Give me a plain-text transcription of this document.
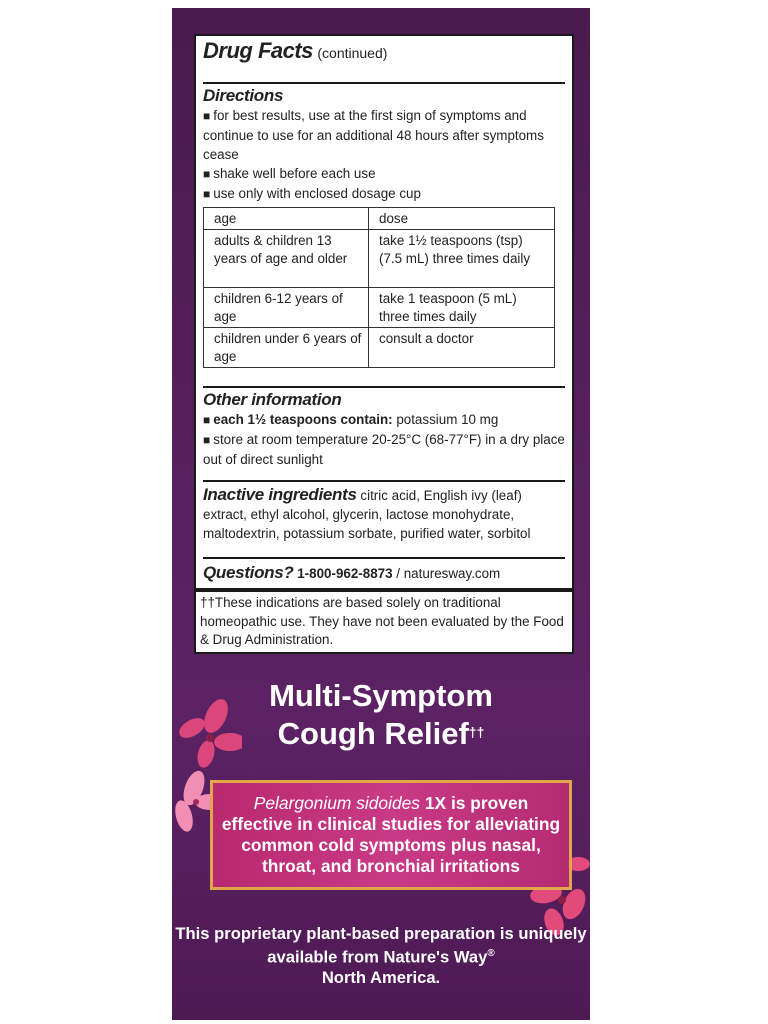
Drug Facts (continued)
Directions
■ for best results, use at the first sign of symptoms and continue to use for an additional 48 hours after symptoms cease
■ shake well before each use
■ use only with enclosed dosage cup
age	dose
adults & children 13 years of age and older	take 1½ teaspoons (tsp) (7.5 mL) three times daily
children 6-12 years of age	take 1 teaspoon (5 mL) three times daily
children under 6 years of age	consult a doctor
Other information
■ each 1½ teaspoons contain: potassium 10 mg
■ store at room temperature 20-25°C (68-77°F) in a dry place out of direct sunlight
Inactive ingredients citric acid, English ivy (leaf) extract, ethyl alcohol, glycerin, lactose monohydrate, maltodextrin, potassium sorbate, purified water, sorbitol
Questions? 1-800-962-8873 / naturesway.com
††These indications are based solely on traditional homeopathic use. They have not been evaluated by the Food & Drug Administration.
Multi-Symptom
Cough Relief††
Pelargonium sidoides 1X is proven effective in clinical studies for alleviating common cold symptoms plus nasal, throat, and bronchial irritations
This proprietary plant-based preparation is uniquely available from Nature's Way®
North America.
